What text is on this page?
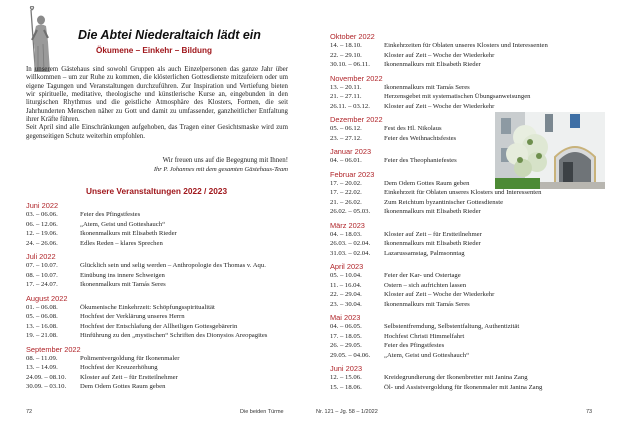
Die Abtei Niederaltaich lädt ein
Ökumene – Einkehr – Bildung

In unserem Gästehaus sind sowohl Gruppen als auch Einzelpersonen das ganze Jahr über willkommen – um zur Ruhe zu kommen, die klösterlichen Gottesdienste mitzufeiern oder um eigene Tagungen und Veranstaltungen durchzuführen. Zur Inspiration und Vertiefung bieten wir spirituelle, meditative, theologische und künstlerische Kurse an, eingebunden in den liturgischen Rhythmus und die geistliche Atmosphäre des Klosters, Formen, die seit Jahrhunderten Menschen näher zu Gott und damit zu umfassender, ganzheitlicher Entfaltung ihrer Kräfte führen.

Seit April sind alle Einschränkungen aufgehoben, das Tragen einer Gesichtsmaske wird zum gegenseitigen Schutz weiterhin empfohlen.

Wir freuen uns auf die Begegnung mit Ihnen!
Ihr P. Johannes mit dem gesamten Gästehaus-Team
Unsere Veranstaltungen 2022 / 2023
Juni 2022
03. – 06.06.	Feier des Pfingstfestes
06. – 12.06.	„Atem, Geist und Gotteshauch“
12. – 19.06.	Ikonenmalkurs mit Elisabeth Rieder
24. – 26.06.	Edles Reden – klares Sprechen
Juli 2022
07. – 10.07.	Glücklich sein und selig werden – Anthropologie des Thomas v. Aqu.
08. – 10.07.	Einübung ins innere Schweigen
17. – 24.07.	Ikonenmalkurs mit Tamás Seres
August 2022
01. – 06.08.	Ökumenische Einkehrzeit: Schöpfungsspiritualität
05. – 06.08.	Hochfest der Verklärung unseres Herrn
13. – 16.08.	Hochfest der Entschlafung der Allheiligen Gottesgebärerin
19. – 21.08.	Hinführung zu den „mystischen“ Schriften des Dionysios Areopagites
September 2022
08. – 11.09.	Polimentvergoldung für Ikonenmaler
13. – 14.09.	Hochfest der Kreuzerhöhung
24.09. – 08.10.	Kloster auf Zeit – für Erstteilnehmer
30.09. – 03.10.	Dem Odem Gottes Raum geben
72	Die beiden Türme
Oktober 2022
14. – 18.10.	Einkehrzeiten für Oblaten unseres Klosters und Interessenten
22. – 29.10.	Kloster auf Zeit – Woche der Wiederkehr
30.10. – 06.11.	Ikonenmalkurs mit Elisabeth Rieder
November 2022
13. – 20.11.	Ikonenmalkurs mit Tamás Seres
21. – 27.11.	Herzensgebet mit systematischen Übungsanweisungen
26.11. – 03.12.	Kloster auf Zeit – Woche der Wiederkehr
Dezember 2022
05. – 06.12.	Fest des Hl. Nikolaus
23. – 27.12.	Feier des Weihnachtsfestes
Januar 2023
04. – 06.01.	Feier des Theophaniefestes
Februar 2023
17. – 20.02.	Dem Odem Gottes Raum geben
17. – 22.02.	Einkehrzeit für Oblaten unseres Klosters und Interessenten
21. – 26.02.	Zum Reichtum byzantinischer Gottesdienste
26.02. – 05.03.	Ikonenmalkurs mit Elisabeth Rieder
März 2023
04. – 18.03.	Kloster auf Zeit – für Erstteilnehmer
26.03. – 02.04.	Ikonenmalkurs mit Elisabeth Rieder
31.03. – 02.04.	Lazarussamstag, Palmsonntag
April 2023
05. – 10.04.	Feier der Kar- und Ostertage
11. – 16.04.	Ostern – sich aufrichten lassen
22. – 29.04.	Kloster auf Zeit – Woche der Wiederkehr
23. – 30.04.	Ikonenmalkurs mit Tamás Seres
Mai 2023
04. – 06.05.	Selbstentfremdung, Selbstentfaltung, Authentizität
17. – 18.05.	Hochfest Christi Himmelfahrt
26. – 29.05.	Feier des Pfingstfestes
29.05. – 04.06.	„Atem, Geist und Gotteshauch“
Juni 2023
12. – 15.06.	Kreidegrundierung der Ikonenbretter mit Janina Zang
15. – 18.06.	Öl- und Assistvergoldung für Ikonenmaler mit Janina Zang
Nr. 121 – Jg. 58 – 1/2022	73
